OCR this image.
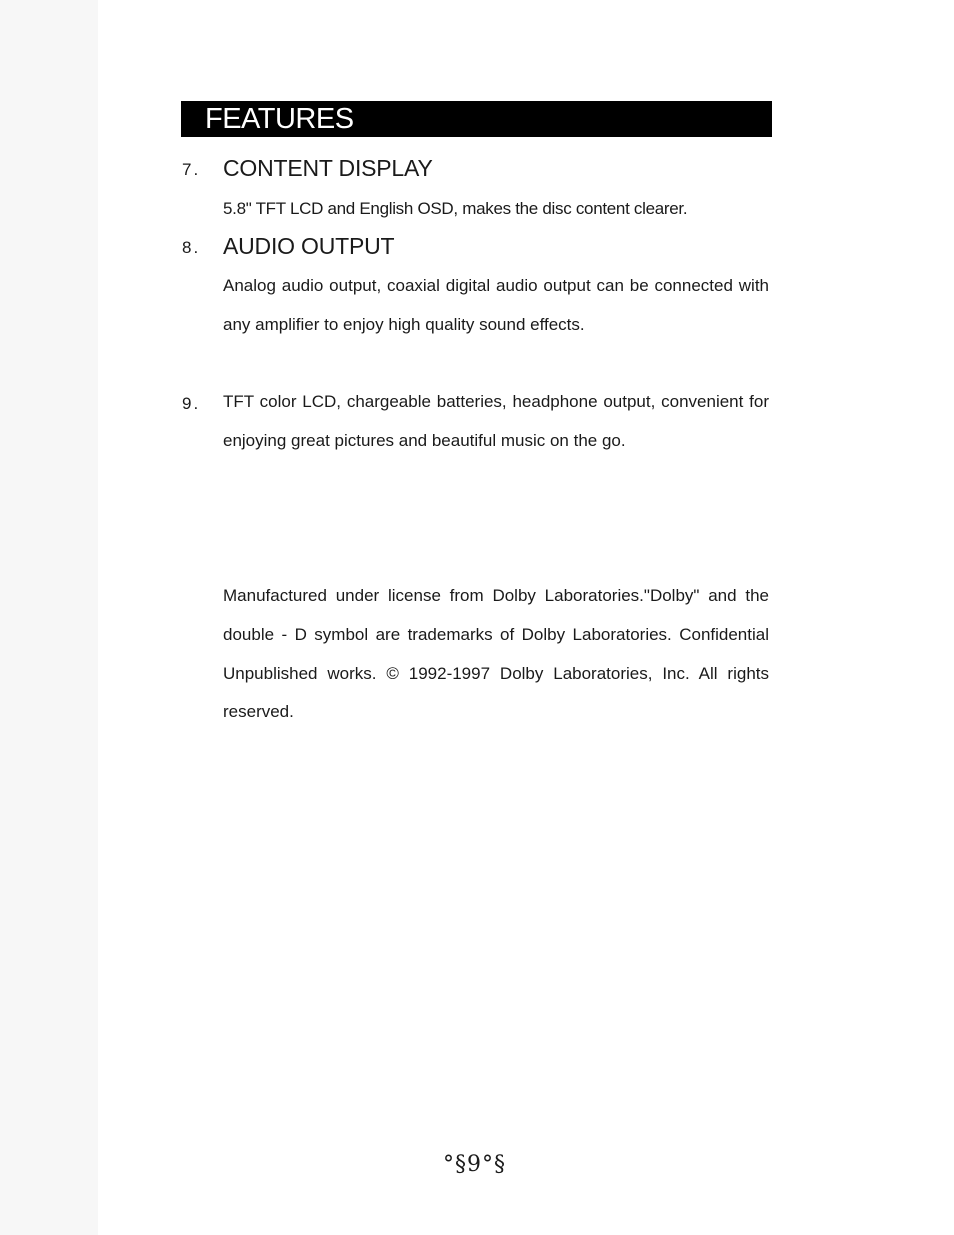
FEATURES
7. CONTENT DISPLAY

5.8" TFT LCD and English OSD, makes the disc content clearer.

8. AUDIO OUTPUT

Analog audio output, coaxial digital audio output can be connected with any amplifier to enjoy high quality sound effects.

9. TFT color LCD, chargeable batteries, headphone output, convenient for enjoying great pictures and beautiful music on the go.

Manufactured under license from Dolby Laboratories."Dolby" and the double - D symbol are trademarks of Dolby Laboratories. Confidential Unpublished works. © 1992-1997 Dolby Laboratories, Inc. All rights reserved.

°§9°§
